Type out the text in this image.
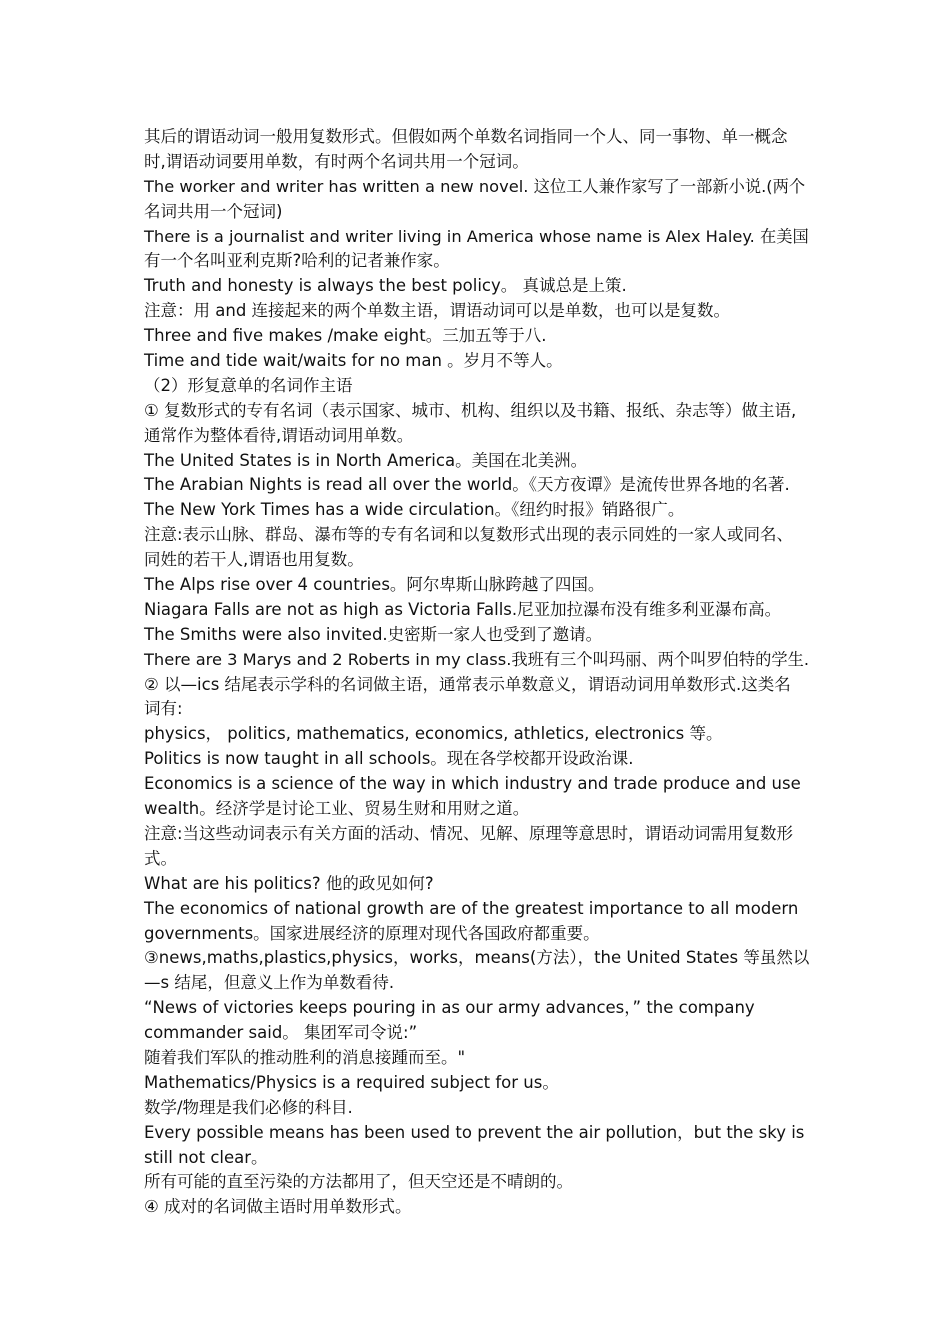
其后的谓语动词一般用复数形式。但假如两个单数名词指同一个人、同一事物、单一概念
时,谓语动词要用单数，有时两个名词共用一个冠词。
The worker and writer has written a new novel. 这位工人兼作家写了一部新小说.(两个
名词共用一个冠词)
There is a journalist and writer living in America whose name is Alex Haley. 在美国
有一个名叫亚利克斯?哈利的记者兼作家。
Truth and honesty is always the best policy。 真诚总是上策.
注意：用 and 连接起来的两个单数主语，谓语动词可以是单数，也可以是复数。
Three and five makes /make eight。三加五等于八.
Time and tide wait/waits for no man 。岁月不等人。
（2）形复意单的名词作主语
① 复数形式的专有名词（表示国家、城市、机构、组织以及书籍、报纸、杂志等）做主语,
通常作为整体看待,谓语动词用单数。
The United States is in North America。美国在北美洲。
The Arabian Nights is read all over the world。《天方夜谭》是流传世界各地的名著.
The New York Times has a wide circulation。《纽约时报》销路很广。
注意:表示山脉、群岛、瀑布等的专有名词和以复数形式出现的表示同姓的一家人或同名、
同姓的若干人,谓语也用复数。
The Alps rise over 4 countries。阿尔卑斯山脉跨越了四国。
Niagara Falls are not as high as Victoria Falls.尼亚加拉瀑布没有维多利亚瀑布高。
The Smiths were also invited.史密斯一家人也受到了邀请。
There are 3 Marys and 2 Roberts in my class.我班有三个叫玛丽、两个叫罗伯特的学生.
② 以—ics 结尾表示学科的名词做主语，通常表示单数意义，谓语动词用单数形式.这类名
词有:
physics， politics, mathematics, economics, athletics, electronics 等。
Politics is now taught in all schools。现在各学校都开设政治课.
Economics is a science of the way in which industry and trade produce and use
wealth。经济学是讨论工业、贸易生财和用财之道。
注意:当这些动词表示有关方面的活动、情况、见解、原理等意思时，谓语动词需用复数形
式。
What are his politics? 他的政见如何?
The economics of national growth are of the greatest importance to all modern
governments。国家进展经济的原理对现代各国政府都重要。
③news,maths,plastics,physics，works，means(方法），the United States 等虽然以
—s 结尾，但意义上作为单数看待.
“News of victories keeps pouring in as our army advances，” the company
commander said。 集团军司令说:”
随着我们军队的推动胜利的消息接踵而至。"
Mathematics/Physics is a required subject for us。
数学/物理是我们必修的科目.
Every possible means has been used to prevent the air pollution，but the sky is
still not clear。
所有可能的直至污染的方法都用了，但天空还是不晴朗的。
④ 成对的名词做主语时用单数形式。
